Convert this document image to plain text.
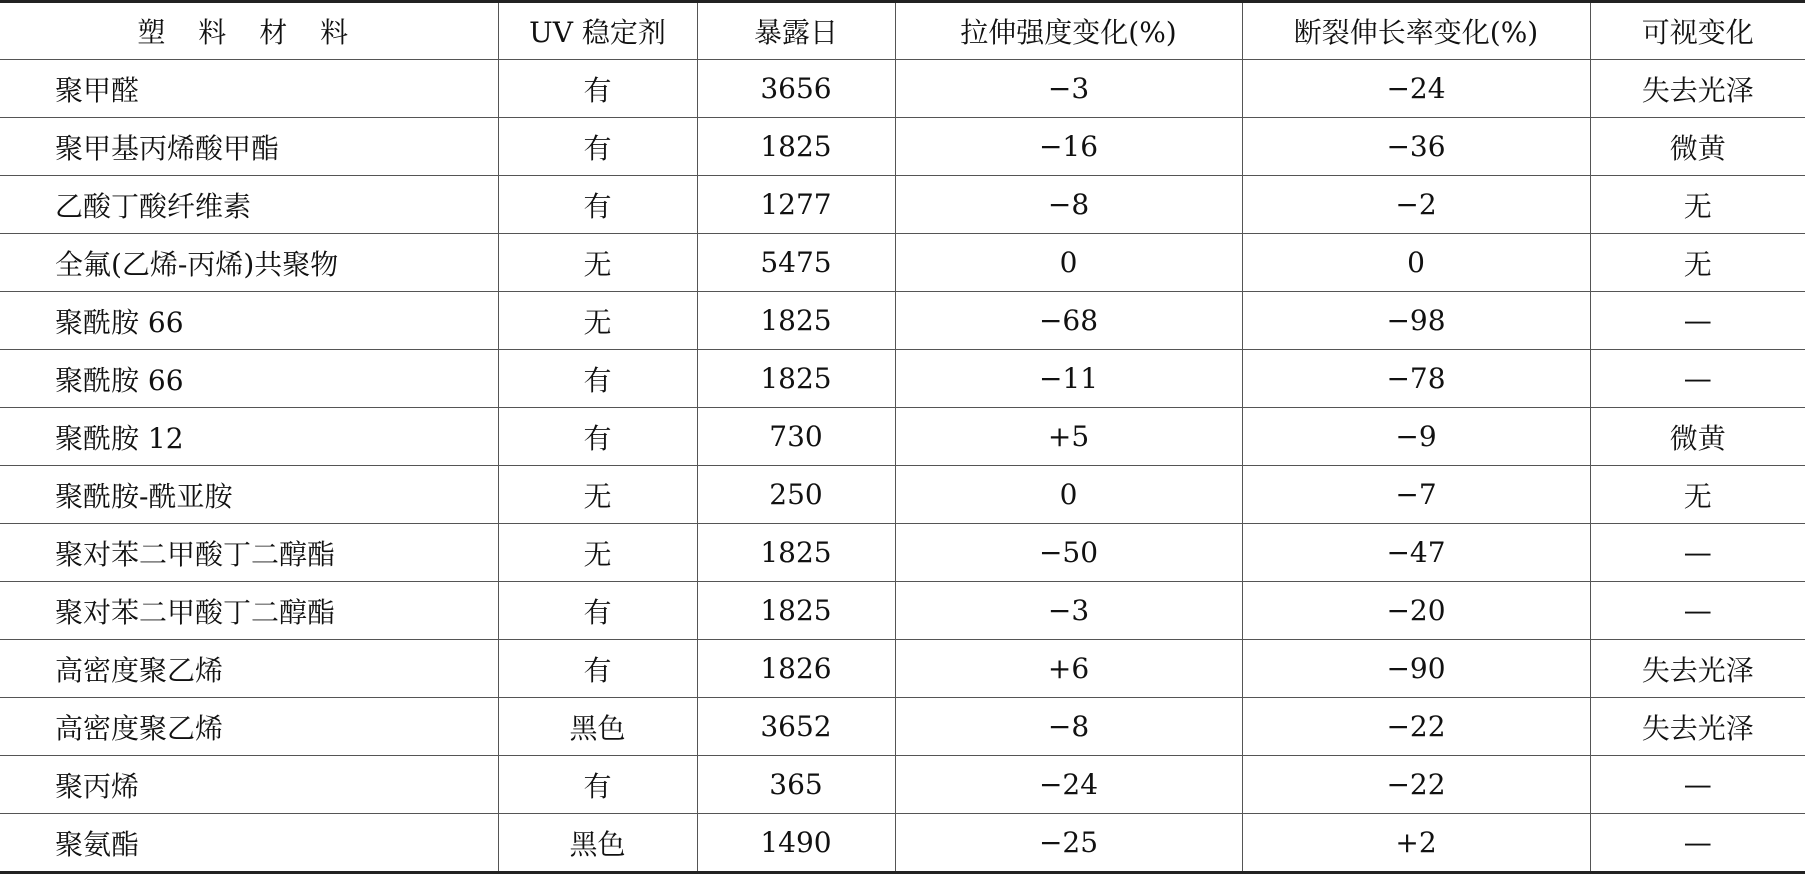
塑 料 材 料	UV 稳定剂	暴露日	拉伸强度变化(%)	断裂伸长率变化(%)	可视变化
聚甲醛	有	3656	−3	−24	失去光泽
聚甲基丙烯酸甲酯	有	1825	−16	−36	微黄
乙酸丁酸纤维素	有	1277	−8	−2	无
全氟(乙烯-丙烯)共聚物	无	5475	0	0	无
聚酰胺 66	无	1825	−68	−98	—
聚酰胺 66	有	1825	−11	−78	—
聚酰胺 12	有	730	+5	−9	微黄
聚酰胺-酰亚胺	无	250	0	−7	无
聚对苯二甲酸丁二醇酯	无	1825	−50	−47	—
聚对苯二甲酸丁二醇酯	有	1825	−3	−20	—
高密度聚乙烯	有	1826	+6	−90	失去光泽
高密度聚乙烯	黑色	3652	−8	−22	失去光泽
聚丙烯	有	365	−24	−22	—
聚氨酯	黑色	1490	−25	+2	—
